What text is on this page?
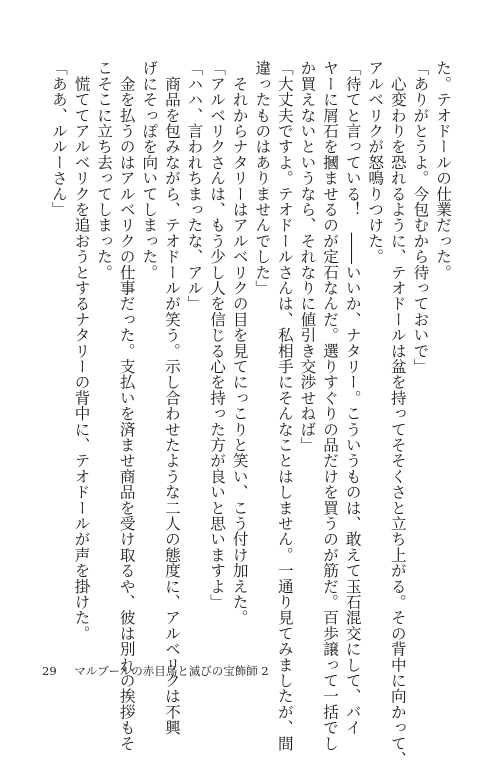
た。テオドールの仕業だった。
「ありがとうよ。今包むから待っておいで」
　心変わりを恐れるように、テオドールは盆を持ってそそくさと立ち上がる。その背中に向かって、
アルベリクが怒鳴りつけた。
「待てと言っている！　――いいか、ナタリー。こういうものは、敢えて玉石混交にして、バイ
ヤーに屑石を摑ませるのが定石なんだ。選りすぐりの品だけを買うのが筋だ。百歩譲って一括でし
か買えないというなら、それなりに値引き交渉せねば」
「大丈夫ですよ。テオドールさんは、私相手にそんなことはしません。一通り見てみましたが、間
違ったものはありませんでした」
　それからナタリーはアルベリクの目を見てにっこりと笑い、こう付け加えた。
「アルベリクさんは、もう少し人を信じる心を持った方が良いと思いますよ」
「ハハ、言われちまったな、アル」
　商品を包みながら、テオドールが笑う。示し合わせたような二人の態度に、アルベリクは不興
げにそっぽを向いてしまった。
　金を払うのはアルベリクの仕事だった。支払いを済ませ商品を受け取るや、彼は別れの挨拶もそ
こそこに立ち去ってしまった。
　慌ててアルベリクを追おうとするナタリーの背中に、テオドールが声を掛けた。
「ああ、ルルーさん」
29 マルブールの赤目鳥と滅びの宝飾師 2
